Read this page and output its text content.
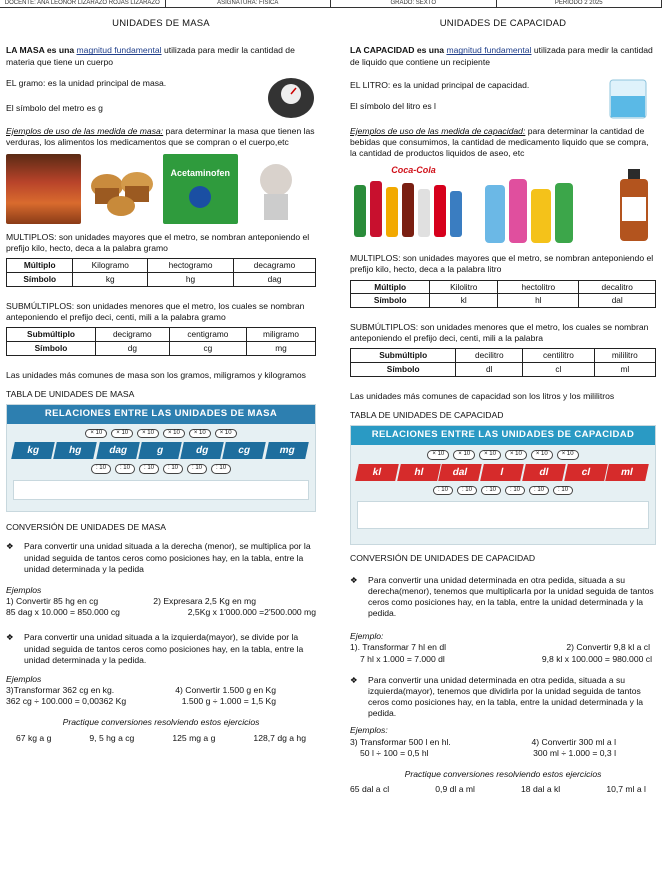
DOCENTE: ANA LEONOR LIZARAZO ROJAS LIZARAZO	ASIGNATURA: FISICA	GRADO: SEXTO	PERIODO 2 2025
UNIDADES DE MASA

LA MASA es una magnitud fundamental utilizada para medir la cantidad de materia que tiene un cuerpo

EL gramo: es la unidad principal de masa.

El símbolo del metro es g

Ejemplos de uso de las medida de masa: para determinar la masa que tienen las verduras, los alimentos los medicamentos que se compran o el cuerpo,etc

Acetaminofen

MULTIPLOS: son unidades mayores que el metro, se nombran anteponiendo el prefijo kilo, hecto, deca a la palabra gramo

Múltiplo	Kilogramo	hectogramo	decagramo
Símbolo	kg	hg	dag

SUBMÚLTIPLOS: son unidades menores que el metro, los cuales se nombran anteponiendo el prefijo deci, centi, mili a la palabra gramo

Submúltiplo	decigramo	centigramo	miligramo
Símbolo	dg	cg	mg

Las unidades más comunes de masa son los gramos, miligramos y kilogramos

TABLA DE UNIDADES DE MASA

RELACIONES ENTRE LAS UNIDADES DE MASA
× 10	× 10	× 10	× 10	× 10	× 10
kg	hg	dag	g	dg	cg	mg
: 10	: 10	: 10	: 10	: 10	: 10

CONVERSIÓN DE UNIDADES DE MASA

❖ Para convertir una unidad situada a la derecha (menor), se multiplica por la unidad seguida de tantos ceros como posiciones hay, en la tabla, entre la unidad determinada y la pedida

Ejemplos

1) Convertir 85 hg en cg	2) Expresara 2,5 Kg en mg
85 dag x 10.000 = 850.000 cg	2,5Kg x 1'000.000 =2'500.000 mg
❖ Para convertir una unidad situada a la izquierda(mayor), se divide por la unidad seguida de tantos ceros como posiciones hay, en la tabla, entre la unidad determinada y la pedida.

Ejemplos

3)Transformar 362 cg en kg.	4) Convertir 1.500 g en Kg
362 cg ÷ 100.000 = 0,00362 Kg	1.500 g ÷ 1.000 = 1,5 Kg

Practique conversiones resolviendo estos ejercicios

67 kg a g	9, 5 hg a cg	125 mg a g	128,7 dg a hg
UNIDADES DE CAPACIDAD

LA CAPACIDAD es una magnitud fundamental utilizada para medir la cantidad de liquido que contiene un recipiente

EL LITRO: es la unidad principal de capacidad.

El símbolo del litro es l

Ejemplos de uso de las medida de capacidad: para determinar la cantidad de bebidas que consumimos, la cantidad de medicamento liquido que se compra, la cantidad de productos liquidos de aseo, etc

Coca-Cola

MULTIPLOS: son unidades mayores que el metro, se nombran anteponiendo el prefijo kilo, hecto, deca a la palabra litro

Múltiplo	Kilolitro	hectolitro	decalitro
Símbolo	kl	hl	dal

SUBMÚLTIPLOS: son unidades menores que el metro, los cuales se nombran anteponiendo el prefijo deci, centi, mili a la palabra

Submúltiplo	decilitro	centilitro	mililitro
Símbolo	dl	cl	ml

Las unidades más comunes de capacidad son los litros y los mililitros

TABLA DE UNIDADES DE CAPACIDAD

RELACIONES ENTRE LAS UNIDADES DE CAPACIDAD
× 10	× 10	× 10	× 10	× 10	× 10
kl	hl	dal	l	dl	cl	ml
: 10	: 10	: 10	: 10	: 10	: 10

CONVERSIÓN DE UNIDADES DE CAPACIDAD

❖ Para convertir una unidad determinada en otra pedida, situada a su derecha(menor), tenemos que multiplicarla por la unidad seguida de tantos ceros como posiciones hay, en la tabla, entre la unidad determinada y la pedida.

Ejemplo:

1). Transformar 7 hl en dl	2) Convertir 9,8 kl a cl
7 hl x 1.000 = 7.000 dl	9,8 kl x 100.000 = 980.000 cl
❖ Para convertir una unidad determinada en otra pedida, situada a su izquierda(mayor), tenemos que dividirla por la unidad seguida de tantos ceros como posiciones hay, en la tabla, entre la unidad determinada y la pedida.

Ejemplos:

3) Transformar 500 l en hl.	4) Convertir 300 ml a l
50 l ÷ 100 = 0,5 hl	300 ml ÷ 1.000 = 0,3 l

Practique conversiones resolviendo estos ejercicios

65 dal a cl	0,9 dl a ml	18 dal a kl	10,7 ml a l
